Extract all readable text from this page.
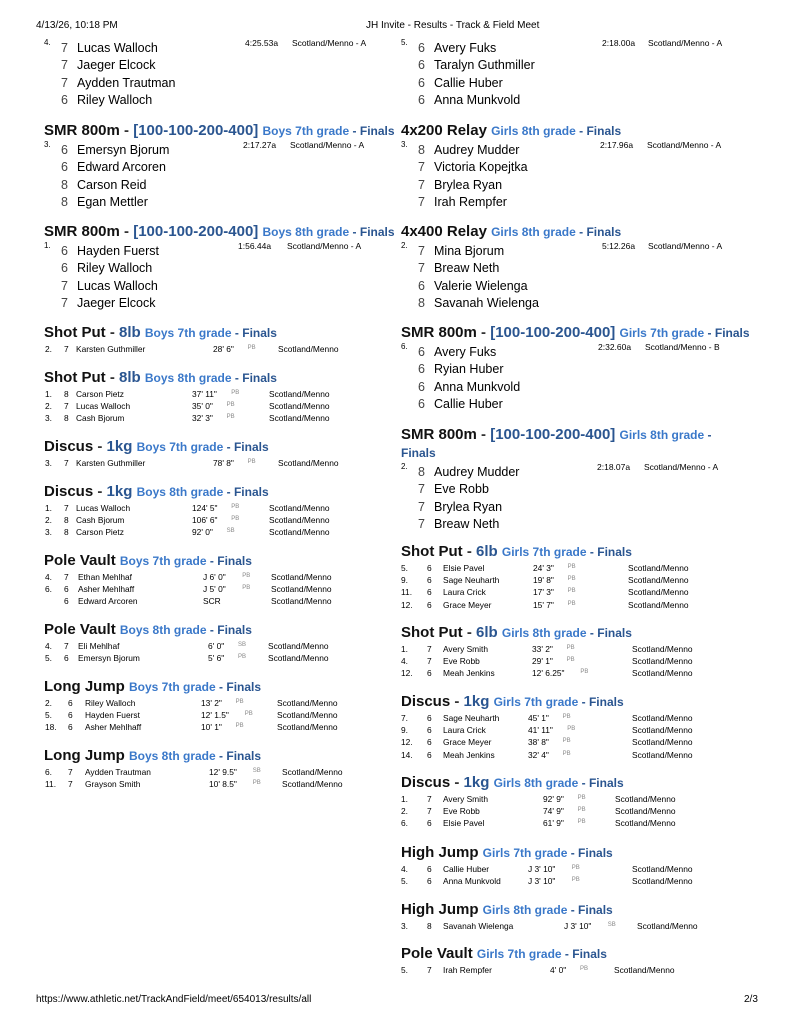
4/13/26, 10:18 PM	JH Invite - Results - Track & Field Meet
4. 7 Lucas Walloch	4:25.53a Scotland/Menno - A
7 Jaeger Elcock
7 Aydden Trautman
6 Riley Walloch
5. 6 Avery Fuks	2:18.00a Scotland/Menno - A
6 Taralyn Guthmiller
6 Callie Huber
6 Anna Munkvold
SMR 800m - [100-100-200-400] Boys 7th grade - Finals
3. 6 Emersyn Bjorum	2:17.27a Scotland/Menno - A
6 Edward Arcoren
8 Carson Reid
8 Egan Mettler
4x200 Relay Girls 8th grade - Finals
3. 8 Audrey Mudder	2:17.96a Scotland/Menno - A
7 Victoria Kopejtka
7 Brylea Ryan
7 Irah Rempfer
SMR 800m - [100-100-200-400] Boys 8th grade - Finals
1. 6 Hayden Fuerst	1:56.44a Scotland/Menno - A
6 Riley Walloch
7 Lucas Walloch
7 Jaeger Elcock
4x400 Relay Girls 8th grade - Finals
2. 7 Mina Bjorum	5:12.26a Scotland/Menno - A
7 Breaw Neth
6 Valerie Wielenga
8 Savanah Wielenga
Shot Put - 8lb Boys 7th grade - Finals
2. 7 Karsten Guthmiller	28' 6" PB	Scotland/Menno
Shot Put - 8lb Boys 8th grade - Finals
1. 8 Carson Pietz	37' 11" PB	Scotland/Menno
2. 7 Lucas Walloch	35' 0" PB	Scotland/Menno
3. 8 Cash Bjorum	32' 3" PB	Scotland/Menno
Discus - 1kg Boys 7th grade - Finals
3. 7 Karsten Guthmiller	78' 8" PB	Scotland/Menno
Discus - 1kg Boys 8th grade - Finals
1. 7 Lucas Walloch	124' 5" PB	Scotland/Menno
2. 8 Cash Bjorum	106' 6" PB	Scotland/Menno
3. 8 Carson Pietz	92' 0" SB	Scotland/Menno
Pole Vault Boys 7th grade - Finals
4. 7 Ethan Mehlhaf	J 6' 0"	PB Scotland/Menno
6. 6 Asher Mehlhaff	J 5' 0"	PB Scotland/Menno
6 Edward Arcoren	SCR	Scotland/Menno
Pole Vault Boys 8th grade - Finals
4. 7 Eli Mehlhaf	6' 0" SB	Scotland/Menno
5. 6 Emersyn Bjorum	5' 6" PB	Scotland/Menno
Long Jump Boys 7th grade - Finals
2. 6 Riley Walloch	13' 2" PB	Scotland/Menno
5. 6 Hayden Fuerst	12' 1.5"	PB	Scotland/Menno
18. 6 Asher Mehlhaff	10' 1" PB	Scotland/Menno
Long Jump Boys 8th grade - Finals
6. 7 Aydden Trautman	12' 9.5"	SB	Scotland/Menno
11. 7 Grayson Smith	10' 8.5"	PB	Scotland/Menno
SMR 800m - [100-100-200-400] Girls 7th grade - Finals
6. 6 Avery Fuks	2:32.60a Scotland/Menno - B
6 Ryian Huber
6 Anna Munkvold
6 Callie Huber
SMR 800m - [100-100-200-400] Girls 8th grade - Finals
2. 8 Audrey Mudder	2:18.07a Scotland/Menno - A
7 Eve Robb
7 Brylea Ryan
7 Breaw Neth
Shot Put - 6lb Girls 7th grade - Finals
5. 6 Elsie Pavel	24' 3" PB	Scotland/Menno
9. 6 Sage Neuharth	19' 8" PB	Scotland/Menno
11. 6 Laura Crick	17' 3" PB	Scotland/Menno
12. 6 Grace Meyer	15' 7" PB	Scotland/Menno
Shot Put - 6lb Girls 8th grade - Finals
1. 7 Avery Smith	33' 2" PB	Scotland/Menno
4. 7 Eve Robb	29' 1" PB	Scotland/Menno
12. 6 Meah Jenkins	12' 6.25"	PB	Scotland/Menno
Discus - 1kg Girls 7th grade - Finals
7. 6 Sage Neuharth	45' 1" PB	Scotland/Menno
9. 6 Laura Crick	41' 11" PB	Scotland/Menno
12. 6 Grace Meyer	38' 8" PB	Scotland/Menno
14. 6 Meah Jenkins	32' 4" PB	Scotland/Menno
Discus - 1kg Girls 8th grade - Finals
1. 7 Avery Smith	92' 9" PB	Scotland/Menno
2. 7 Eve Robb	74' 9" PB	Scotland/Menno
6. 6 Elsie Pavel	61' 9" PB	Scotland/Menno
High Jump Girls 7th grade - Finals
4. 6 Callie Huber	J 3' 10"	PB	Scotland/Menno
5. 6 Anna Munkvold	J 3' 10"	PB	Scotland/Menno
High Jump Girls 8th grade - Finals
3. 8 Savanah Wielenga	J 3' 10"	SB	Scotland/Menno
Pole Vault Girls 7th grade - Finals
5. 7 Irah Rempfer	4' 0" PB	Scotland/Menno
https://www.athletic.net/TrackAndField/meet/654013/results/all	2/3
